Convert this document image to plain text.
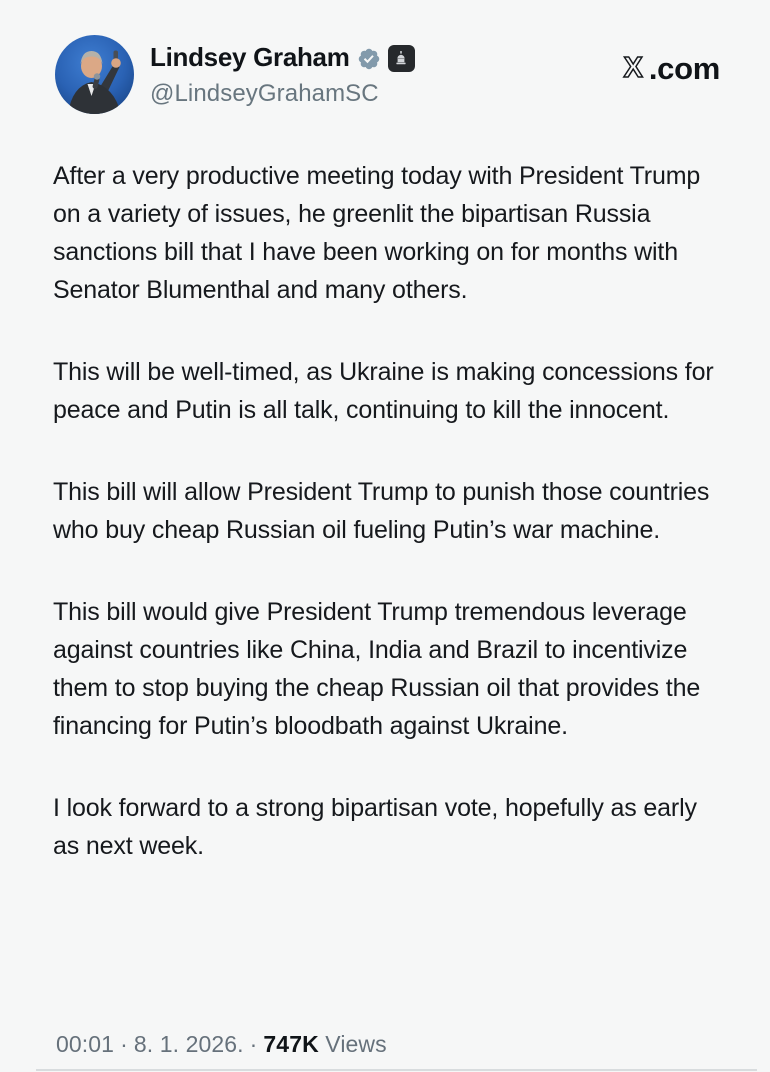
Lindsey Graham
@LindseyGrahamSC
X .com

After a very productive meeting today with President Trump on a variety of issues, he greenlit the bipartisan Russia sanctions bill that I have been working on for months with Senator Blumenthal and many others.

This will be well-timed, as Ukraine is making concessions for peace and Putin is all talk, continuing to kill the innocent.

This bill will allow President Trump to punish those countries who buy cheap Russian oil fueling Putin’s war machine.

This bill would give President Trump tremendous leverage against countries like China, India and Brazil to incentivize them to stop buying the cheap Russian oil that provides the financing for Putin’s bloodbath against Ukraine.

I look forward to a strong bipartisan vote, hopefully as early as next week.

00:01 · 8. 1. 2026. · 747K Views
